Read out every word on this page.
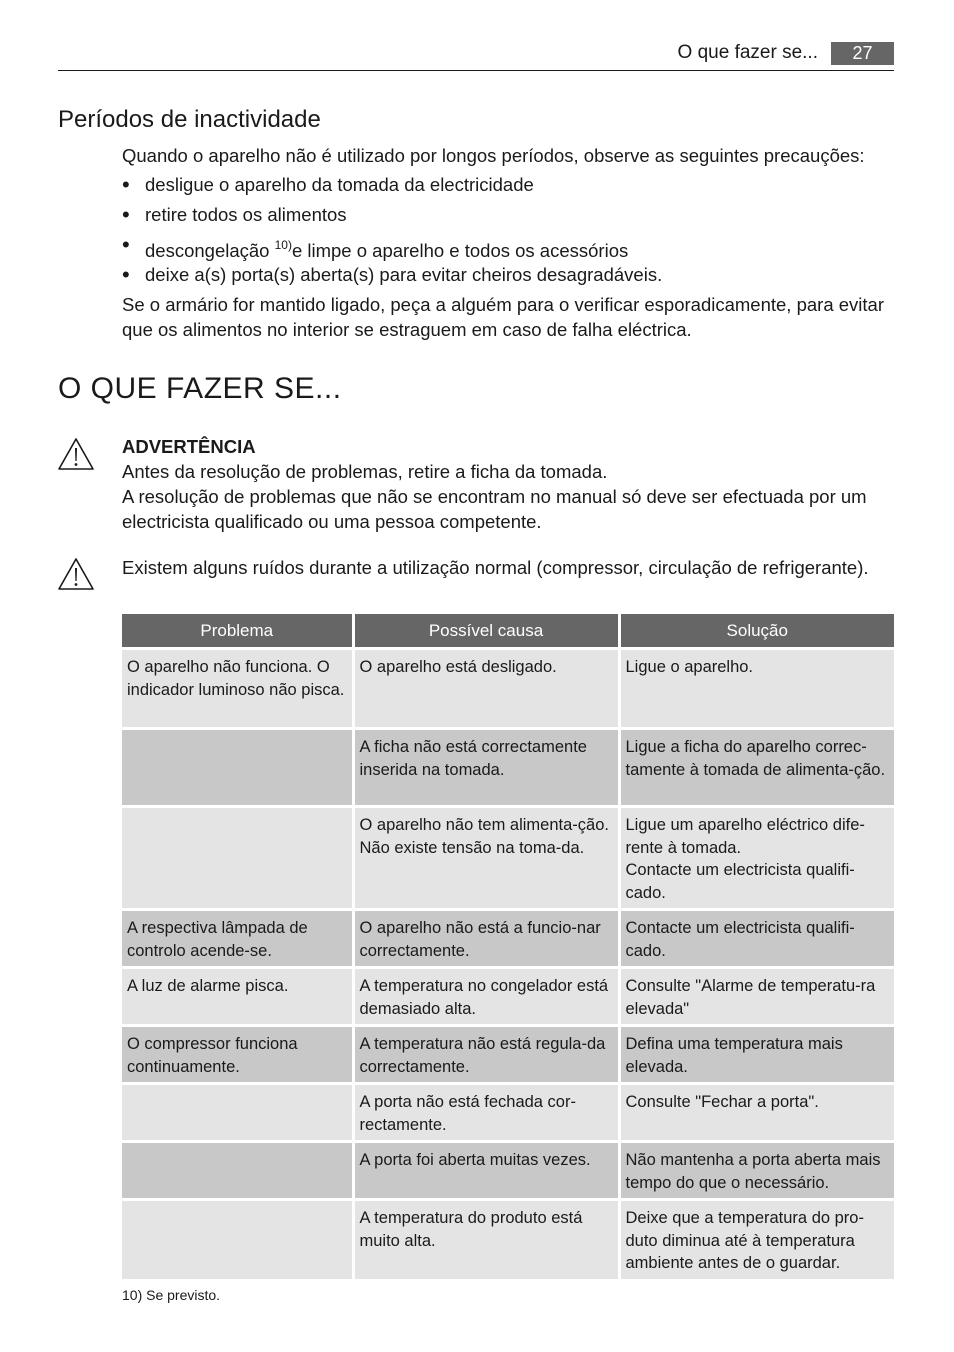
O que fazer se...	27
Períodos de inactividade
Quando o aparelho não é utilizado por longos períodos, observe as seguintes precauções:
• desligue o aparelho da tomada da electricidade
• retire todos os alimentos
• descongelação $^{10)}$e limpe o aparelho e todos os acessórios
• deixe a(s) porta(s) aberta(s) para evitar cheiros desagradáveis.
Se o armário for mantido ligado, peça a alguém para o verificar esporadicamente, para evitar que os alimentos no interior se estraguem em caso de falha eléctrica.
O QUE FAZER SE...
ADVERTÊNCIA
Antes da resolução de problemas, retire a ficha da tomada.
A resolução de problemas que não se encontram no manual só deve ser efectuada por um electricista qualificado ou uma pessoa competente.
Existem alguns ruídos durante a utilização normal (compressor, circulação de refrigerante).
Problema	Possível causa	Solução

O aparelho não funciona. O indicador luminoso não pisca.	O aparelho está desligado.	Ligue o aparelho.

	A ficha não está correctamente inserida na tomada.	Ligue a ficha do aparelho correc-tamente à tomada de alimenta-ção.

	O aparelho não tem alimenta-ção. Não existe tensão na toma-da.	Ligue um aparelho eléctrico dife-rente à tomada.
Contacte um electricista qualifi-cado.

A respectiva lâmpada de controlo acende-se.	O aparelho não está a funcio-nar correctamente.	Contacte um electricista qualifi-cado.

A luz de alarme pisca.	A temperatura no congelador está demasiado alta.	Consulte "Alarme de temperatu-ra elevada"

O compressor funciona continuamente.	A temperatura não está regula-da correctamente.	Defina uma temperatura mais elevada.

	A porta não está fechada cor-rectamente.	Consulte "Fechar a porta".

	A porta foi aberta muitas vezes.	Não mantenha a porta aberta mais tempo do que o necessário.

	A temperatura do produto está muito alta.	Deixe que a temperatura do pro-duto diminua até à temperatura ambiente antes de o guardar.
10) Se previsto.
